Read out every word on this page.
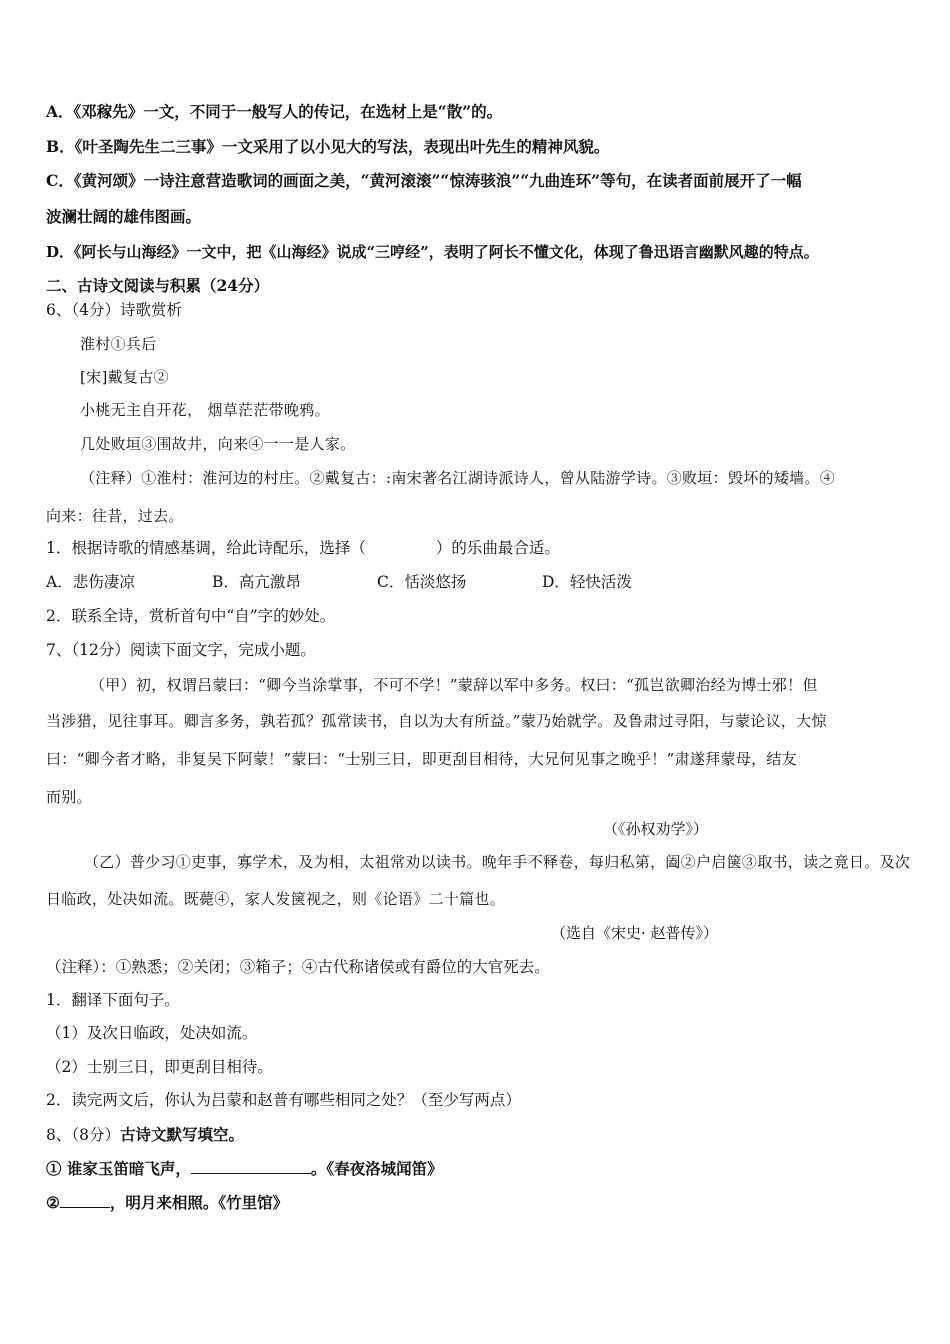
A．《邓稼先》一文，不同于一般写人的传记，在选材上是“散”的。
B．《叶圣陶先生二三事》一文采用了以小见大的写法，表现出叶先生的精神风貌。
C．《黄河颂》一诗注意营造歌词的画面之美，“黄河滚滚”“惊涛骇浪”“九曲连环”等句，在读者面前展开了一幅
波澜壮阔的雄伟图画。
D．《阿长与山海经》一文中，把《山海经》说成“三哼经”，表明了阿长不懂文化，体现了鲁迅语言幽默风趣的特点。
二、古诗文阅读与积累（24分）
6、（4分）诗歌赏析
淮村①兵后
[宋]戴复古②
小桃无主自开花， 烟草茫茫带晚鸦。
几处败垣③围故井，向来④一一是人家。
（注释）①淮村：淮河边的村庄。②戴复古：:南宋著名江湖诗派诗人，曾从陆游学诗。③败垣：毁坏的矮墙。④
向来：往昔，过去。
1．根据诗歌的情感基调，给此诗配乐，选择（	）的乐曲最合适。
A．悲伤凄凉	B．高亢激昂	C．恬淡悠扬	D．轻快活泼
2．联系全诗，赏析首句中“自”字的妙处。
7、（12分）阅读下面文字，完成小题。
（甲）初，权谓吕蒙曰：“卿今当涂掌事，不可不学！”蒙辞以军中多务。权曰：“孤岂欲卿治经为博士邪！但
当涉猎，见往事耳。卿言多务，孰若孤？孤常读书，自以为大有所益。”蒙乃始就学。及鲁肃过寻阳，与蒙论议，大惊
曰：“卿今者才略，非复吴下阿蒙！”蒙曰：“士别三日，即更刮目相待，大兄何见事之晚乎！”肃遂拜蒙母，结友
而别。
（《孙权劝学》）
（乙）普少习①吏事，寡学术，及为相，太祖常劝以读书。晚年手不释卷，每归私第，阖②户启箧③取书，读之竟日。及次
日临政，处决如流。既薨④，家人发箧视之，则《论语》二十篇也。
（选自《宋史· 赵普传》）
（注释）：①熟悉；②关闭；③箱子；④古代称诸侯或有爵位的大官死去。
1．翻译下面句子。
（1）及次日临政，处决如流。
（2）士别三日，即更刮目相待。
2．读完两文后，你认为吕蒙和赵普有哪些相同之处？（至少写两点）
8、（8分）古诗文默写填空。
① 谁家玉笛暗飞声，	。《春夜洛城闻笛》
②	，明月来相照。《竹里馆》
